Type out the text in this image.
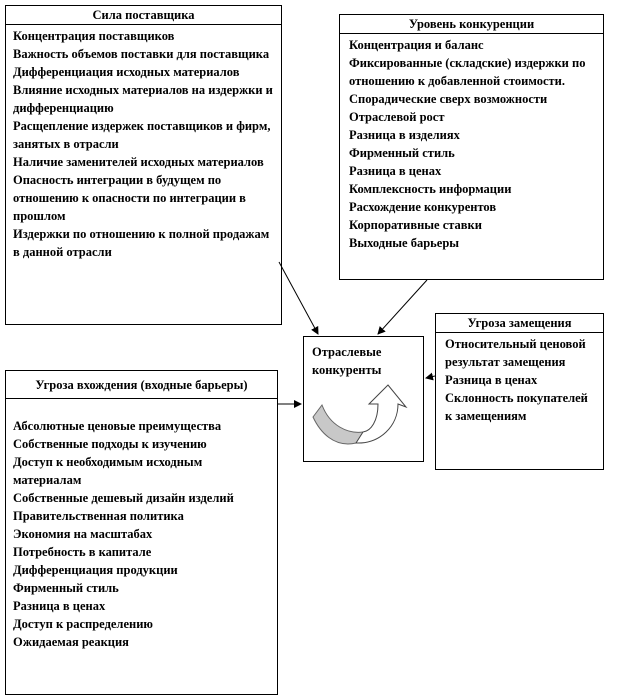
Сила поставщика
Концентрация поставщиков
Важность объемов поставки для поставщика
Дифференциация исходных материалов
Влияние исходных материалов на издержки и дифференциацию
Расщепление издержек поставщиков и фирм, занятых в отрасли
Наличие заменителей исходных материалов
Опасность интеграции в будущем по отношению к опасности по интеграции в прошлом
Издержки по отношению к полной продажам в данной отрасли
Уровень конкуренции
Концентрация и баланс
Фиксированные (складские) издержки по отношению к добавленной стоимости.
Спорадические сверх возможности
Отраслевой рост
Разница в изделиях
Фирменный стиль
Разница в ценах
Комплексность информации
Расхождение конкурентов
Корпоративные ставки
Выходные барьеры
Отраслевые конкуренты
Угроза замещения
Относительный ценовой результат замещения
Разница в ценах
Склонность покупателей к замещениям
Угроза вхождения (входные барьеры)
Абсолютные ценовые преимущества
Собственные подходы к изучению
Доступ к необходимым исходным материалам
Собственные дешевый дизайн изделий
Правительственная политика
Экономия на масштабах
Потребность в капитале
Дифференциация продукции
Фирменный стиль
Разница в ценах
Доступ к распределению
Ожидаемая реакция
